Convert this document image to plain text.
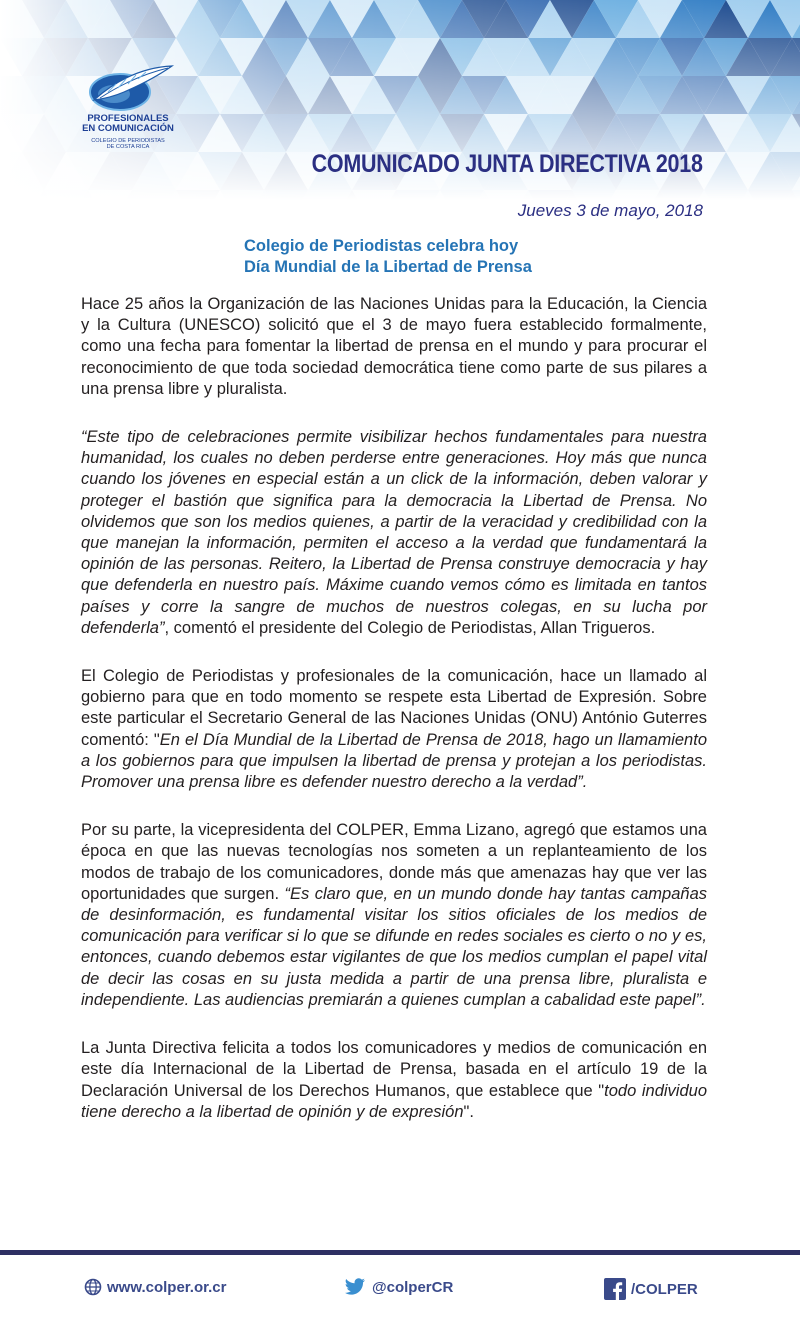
PROFESIONALES
EN COMUNICACIÓN
COLEGIO DE PERIODISTAS
DE COSTA RICA
COMUNICADO JUNTA DIRECTIVA 2018
Jueves 3 de mayo, 2018
Colegio de Periodistas celebra hoy
Día Mundial de la Libertad de Prensa

Hace 25 años la Organización de las Naciones Unidas para la Educación, la Ciencia y la Cultura (UNESCO) solicitó que el 3 de mayo fuera establecido formalmente, como una fecha para fomentar la libertad de prensa en el mundo y para procurar el reconocimiento de que toda sociedad democrática tiene como parte de sus pilares a una prensa libre y pluralista.

“Este tipo de celebraciones permite visibilizar hechos fundamentales para nuestra humanidad, los cuales no deben perderse entre generaciones. Hoy más que nunca cuando los jóvenes en especial están a un click de la información, deben valorar y proteger el bastión que significa para la democracia la Libertad de Prensa. No olvidemos que son los medios quienes, a partir de la veracidad y credibilidad con la que manejan la información, permiten el acceso a la verdad que fundamentará la opinión de las personas. Reitero, la Libertad de Prensa construye democracia y hay que defenderla en nuestro país. Máxime cuando vemos cómo es limitada en tantos países y corre la sangre de muchos de nuestros colegas, en su lucha por defenderla”, comentó el presidente del Colegio de Periodistas, Allan Trigueros.

El Colegio de Periodistas y profesionales de la comunicación, hace un llamado al gobierno para que en todo momento se respete esta Libertad de Expresión. Sobre este particular el Secretario General de las Naciones Unidas (ONU) António Guterres comentó: "En el Día Mundial de la Libertad de Prensa de 2018, hago un llamamiento a los gobiernos para que impulsen la libertad de prensa y protejan a los periodistas. Promover una prensa libre es defender nuestro derecho a la verdad”.

Por su parte, la vicepresidenta del COLPER, Emma Lizano, agregó que estamos una época en que las nuevas tecnologías nos someten a un replanteamiento de los modos de trabajo de los comunicadores, donde más que amenazas hay que ver las oportunidades que surgen. “Es claro que, en un mundo donde hay tantas campañas de desinformación, es fundamental visitar los sitios oficiales de los medios de comunicación para verificar si lo que se difunde en redes sociales es cierto o no y es, entonces, cuando debemos estar vigilantes de que los medios cumplan el papel vital de decir las cosas en su justa medida a partir de una prensa libre, pluralista e independiente. Las audiencias premiarán a quienes cumplan a cabalidad este papel”.

La Junta Directiva felicita a todos los comunicadores y medios de comunicación en este día Internacional de la Libertad de Prensa, basada en el artículo 19 de la Declaración Universal de los Derechos Humanos, que establece que "todo individuo tiene derecho a la libertad de opinión y de expresión".

www.colper.or.cr	@colperCR	/COLPER
